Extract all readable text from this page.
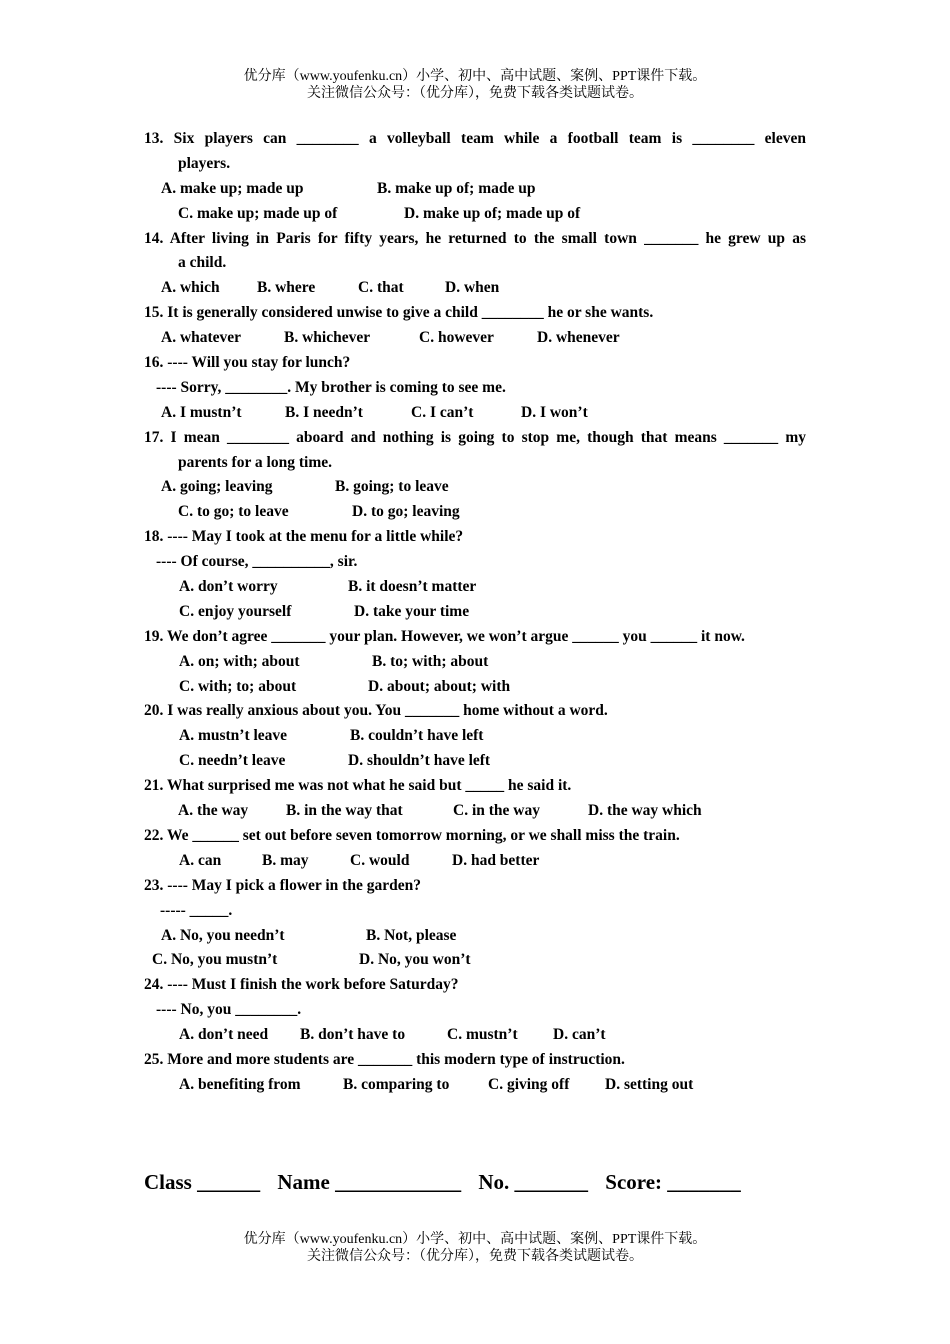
优分库（www.youfenku.cn）小学、初中、高中试题、案例、PPT课件下载。
关注微信公众号：（优分库），免费下载各类试题试卷。
13. Six players can ________ a volleyball team while a football team is ________ eleven
players.
A. make up; made up	B. make up of; made up
C. make up; made up of	D. make up of; made up of
14. After living in Paris for fifty years, he returned to the small town _______ he grew up as
a child.
A. which B. where	C. that	D. when
15. It is generally considered unwise to give a child ________ he or she wants.
A. whatever	B. whichever	C. however	D. whenever
16. ---- Will you stay for lunch?
---- Sorry, ________. My brother is coming to see me.
A. I mustn’t	B. I needn’t	C. I can’t	D. I won’t
17. I mean ________ aboard and nothing is going to stop me, though that means _______ my
parents for a long time.
A. going; leaving	B. going; to leave
C. to go; to leave	D. to go; leaving
18. ---- May I took at the menu for a little while?
---- Of course, __________, sir.
A. don’t worry	B. it doesn’t matter
C. enjoy yourself	D. take your time
19. We don’t agree _______ your plan. However, we won’t argue ______ you ______ it now.
A. on; with; about	B. to; with; about
C. with; to; about	D. about; about; with
20. I was really anxious about you. You _______ home without a word.
A. mustn’t leave	B. couldn’t have left
C. needn’t leave	D. shouldn’t have left
21. What surprised me was not what he said but _____ he said it.
A. the way B. in the way that	C. in the way	D. the way which
22. We ______ set out before seven tomorrow morning, or we shall miss the train.
A. can	B. may	C. would	D. had better
23. ---- May I pick a flower in the garden?
----- _____.
A. No, you needn’t	B. Not, please
C. No, you mustn’t	D. No, you won’t
24. ---- Must I finish the work before Saturday?
---- No, you ________.
A. don’t need B. don’t have to	C. mustn’t D. can’t
25. More and more students are _______ this modern type of instruction.
A. benefiting from	B. comparing to C. giving off D. setting out
Class ______ Name ____________ No. _______ Score: _______
优分库（www.youfenku.cn）小学、初中、高中试题、案例、PPT课件下载。
关注微信公众号：（优分库），免费下载各类试题试卷。
